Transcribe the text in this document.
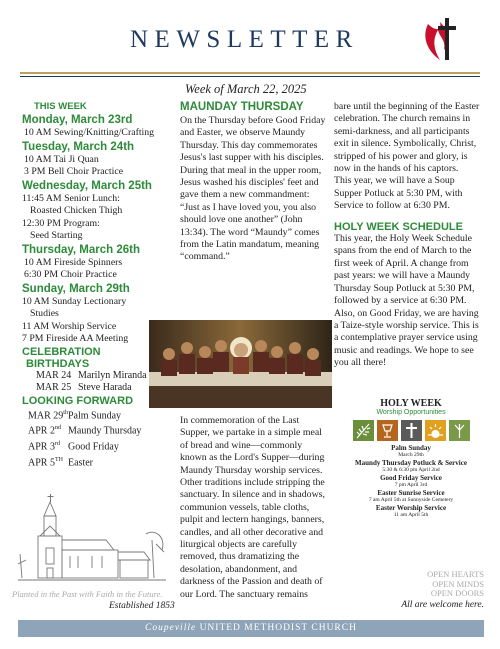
NEWSLETTER
Week of March 22, 2025
THIS WEEK
Monday, March 23rd
10 AM Sewing/Knitting/Crafting
Tuesday, March 24th
10 AM Tai Ji Quan
3 PM Bell Choir Practice
Wednesday, March 25th
11:45 AM Senior Lunch:
Roasted Chicken Thigh
12:30 PM Program:
Seed Starting
Thursday, March 26th
10 AM Fireside Spinners
6:30 PM Choir Practice
Sunday, March 29th
10 AM Sunday Lectionary
Studies
11 AM Worship Service
7 PM Fireside AA Meeting
CELEBRATION
BIRTHDAYS
MAR 24 Marilyn Miranda
MAR 25 Steve Harada
LOOKING FORWARD
MAR 29thPalm Sunday
APR 2nd Maundy Thursday
APR 3rd Good Friday
APR 5TH Easter
Planted in the Past with Faith in the Future.
Established 1853
MAUNDAY THURSDAY
On the Thursday before Good Friday and Easter, we observe Maundy Thursday. This day commemorates Jesus's last supper with his disciples. During that meal in the upper room, Jesus washed his disciples' feet and gave them a new commandment: “Just as I have loved you, you also should love one another” (John 13:34). The word “Maundy” comes from the Latin mandatum, meaning “command.”
In commemoration of the Last Supper, we partake in a simple meal of bread and wine—commonly known as the Lord's Supper—during Maundy Thursday worship services. Other traditions include stripping the sanctuary. In silence and in shadows, communion vessels, table cloths, pulpit and lectern hangings, banners, candles, and all other decorative and liturgical objects are carefully removed, thus dramatizing the desolation, abandonment, and darkness of the Passion and death of our Lord. The sanctuary remains
bare until the beginning of the Easter celebration. The church remains in semi-darkness, and all participants exit in silence. Symbolically, Christ, stripped of his power and glory, is now in the hands of his captors.
This year, we will have a Soup Supper Potluck at 5:30 PM, with Service to follow at 6:30 PM.
HOLY WEEK SCHEDULE
This year, the Holy Week Schedule spans from the end of March to the first week of April. A change from past years: we will have a Maundy Thursday Soup Potluck at 5:30 PM, followed by a service at 6:30 PM. Also, on Good Friday, we are having a Taize-style worship service. This is a contemplative prayer service using music and readings. We hope to see you all there!
HOLY WEEK
Worship Opportunities
Palm Sunday
March 29th
Maundy Thursday Potluck & Service
5:30 & 6:30 pm April 2nd
Good Friday Service
7 pm April 3rd
Easter Sunrise Service
7 am April 5th at Sunnyside Cemetery
Easter Worship Service
11 am April 5th
OPEN HEARTS
OPEN MINDS
OPEN DOORS
All are welcome here.
Coupeville UNITED METHODIST CHURCH
